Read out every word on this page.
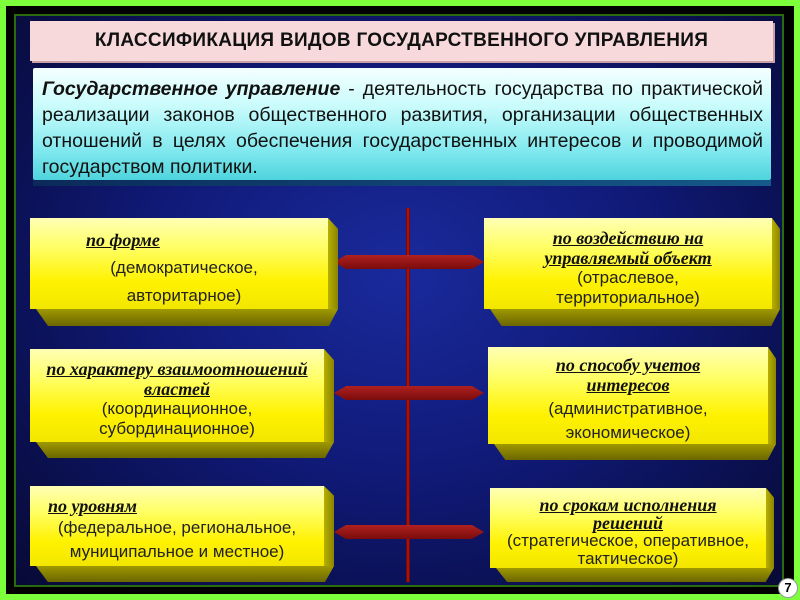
КЛАССИФИКАЦИЯ ВИДОВ ГОСУДАРСТВЕННОГО УПРАВЛЕНИЯ
Государственное управление - деятельность государства по практической реализации законов общественного развития, организации общественных отношений в целях обеспечения государственных интересов и проводимой государством политики.
по форме
(демократическое, авторитарное)
по характеру взаимоотношений властей
(координационное, субординационное)
по уровням
(федеральное, региональное, муниципальное и местное)
по воздействию на управляемый объект
(отраслевое, территориальное)
по способу учетов интересов
(административное, экономическое)
по срокам исполнения решений
(стратегическое, оперативное, тактическое)
7
